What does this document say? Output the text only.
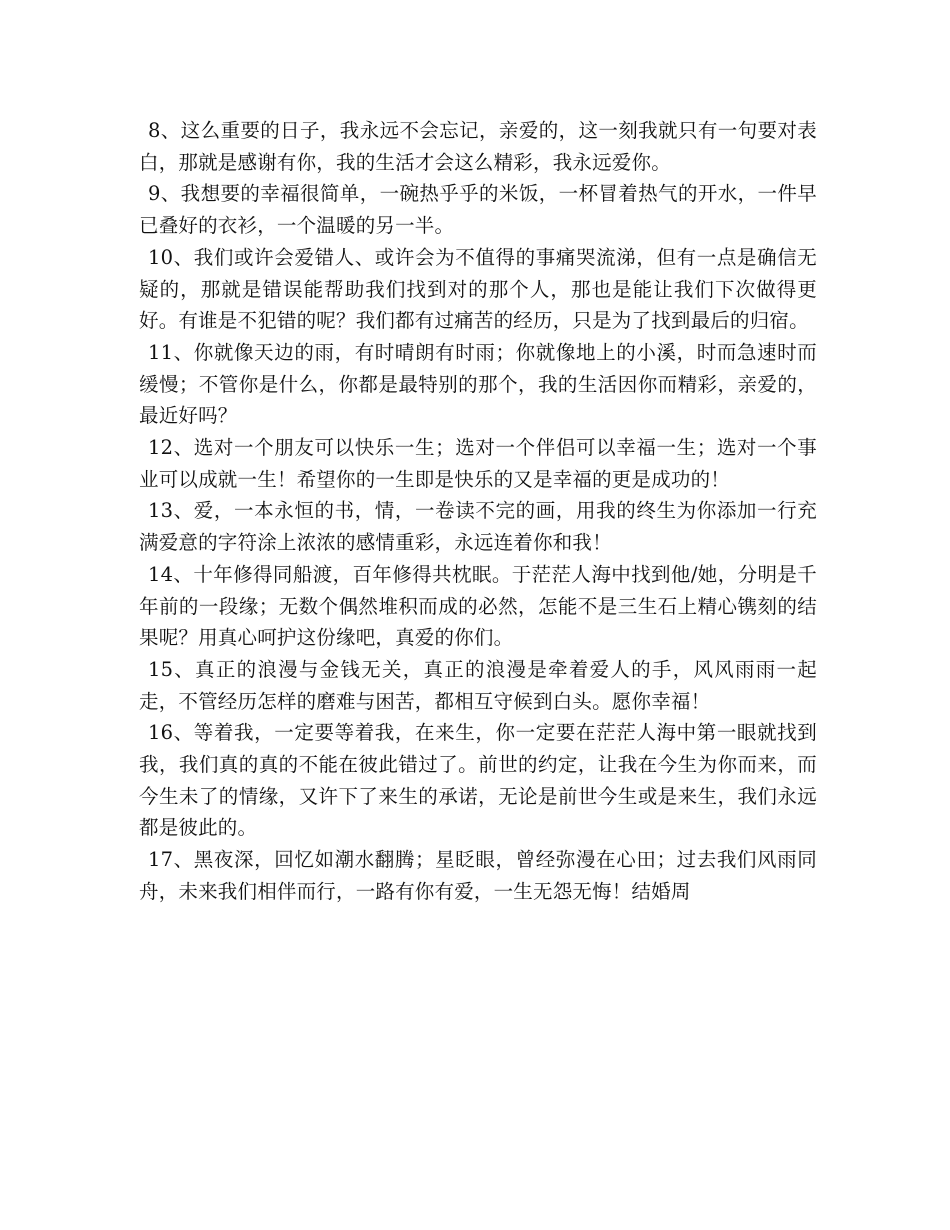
8、这么重要的日子，我永远不会忘记，亲爱的，这一刻我就只有一句要对表白，那就是感谢有你，我的生活才会这么精彩，我永远爱你。

9、我想要的幸福很简单，一碗热乎乎的米饭，一杯冒着热气的开水，一件早已叠好的衣衫，一个温暖的另一半。

10、我们或许会爱错人、或许会为不值得的事痛哭流涕，但有一点是确信无疑的，那就是错误能帮助我们找到对的那个人，那也是能让我们下次做得更好。有谁是不犯错的呢？我们都有过痛苦的经历，只是为了找到最后的归宿。

11、你就像天边的雨，有时晴朗有时雨；你就像地上的小溪，时而急速时而缓慢；不管你是什么，你都是最特别的那个，我的生活因你而精彩，亲爱的，最近好吗？

12、选对一个朋友可以快乐一生；选对一个伴侣可以幸福一生；选对一个事业可以成就一生！希望你的一生即是快乐的又是幸福的更是成功的！

13、爱，一本永恒的书，情，一卷读不完的画，用我的终生为你添加一行充满爱意的字符涂上浓浓的感情重彩，永远连着你和我！

14、十年修得同船渡，百年修得共枕眠。于茫茫人海中找到他/她，分明是千年前的一段缘；无数个偶然堆积而成的必然，怎能不是三生石上精心镌刻的结果呢？用真心呵护这份缘吧，真爱的你们。

15、真正的浪漫与金钱无关，真正的浪漫是牵着爱人的手，风风雨雨一起走，不管经历怎样的磨难与困苦，都相互守候到白头。愿你幸福！

16、等着我，一定要等着我，在来生，你一定要在茫茫人海中第一眼就找到我，我们真的真的不能在彼此错过了。前世的约定，让我在今生为你而来，而今生未了的情缘，又许下了来生的承诺，无论是前世今生或是来生，我们永远都是彼此的。

17、黑夜深，回忆如潮水翻腾；星眨眼，曾经弥漫在心田；过去我们风雨同舟，未来我们相伴而行，一路有你有爱，一生无怨无悔！结婚周
